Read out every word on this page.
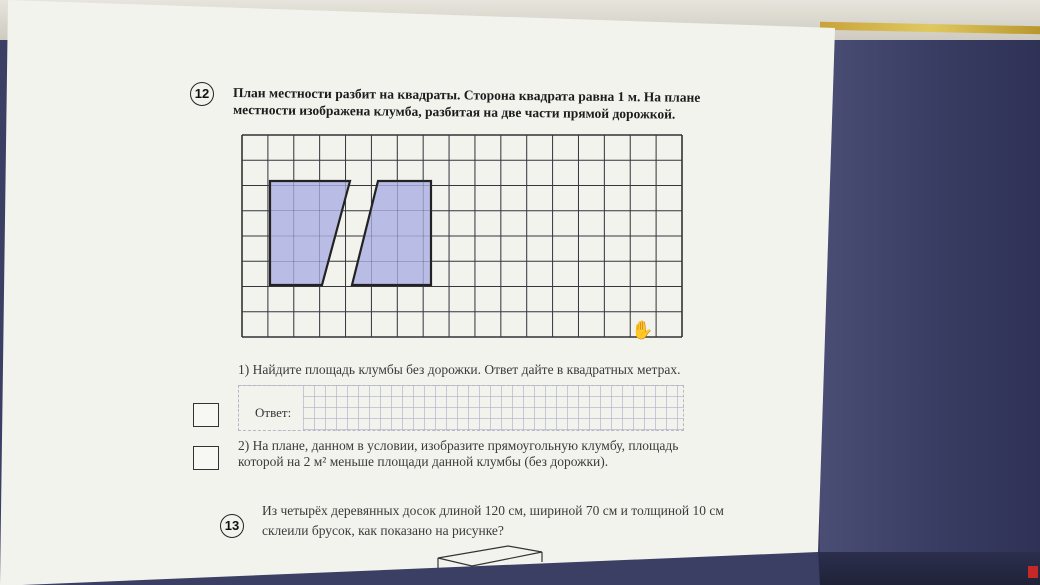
12	План местности разбит на квадраты. Сторона квадрата равна 1 м. На плане
местности изображена клумба, разбитая на две части прямой дорожкой.
✋
1) Найдите площадь клумбы без дорожки. Ответ дайте в квадратных метрах.
Ответ:
2) На плане, данном в условии, изобразите прямоугольную клумбу, площадь
которой на 2 м² меньше площади данной клумбы (без дорожки).
13
Из четырёх деревянных досок длиной 120 см, шириной 70 см и толщиной 10 см
склеили брусок, как показано на рисунке?
